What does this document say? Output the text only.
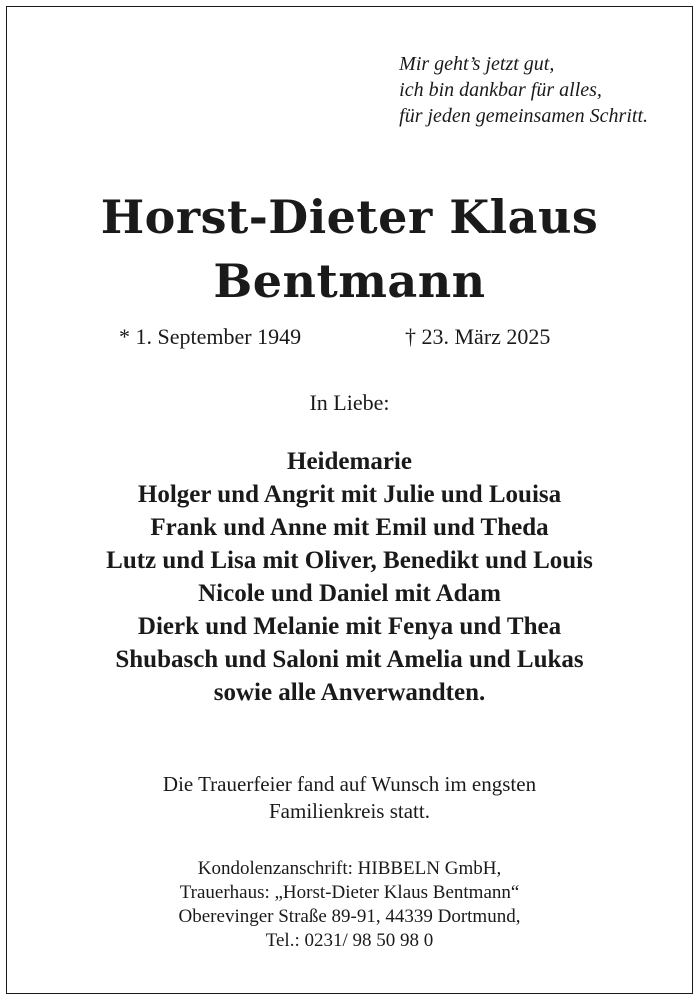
Mir geht’s jetzt gut,
ich bin dankbar für alles,
für jeden gemeinsamen Schritt.
Horst-Dieter Klaus
Bentmann
* 1. September 1949	† 23. März 2025
In Liebe:
Heidemarie
Holger und Angrit mit Julie und Louisa
Frank und Anne mit Emil und Theda
Lutz und Lisa mit Oliver, Benedikt und Louis
Nicole und Daniel mit Adam
Dierk und Melanie mit Fenya und Thea
Shubasch und Saloni mit Amelia und Lukas
sowie alle Anverwandten.
Die Trauerfeier fand auf Wunsch im engsten
Familienkreis statt.
Kondolenzanschrift: HIBBELN GmbH,
Trauerhaus: „Horst-Dieter Klaus Bentmann“
Oberevinger Straße 89-91, 44339 Dortmund,
Tel.: 0231/ 98 50 98 0
